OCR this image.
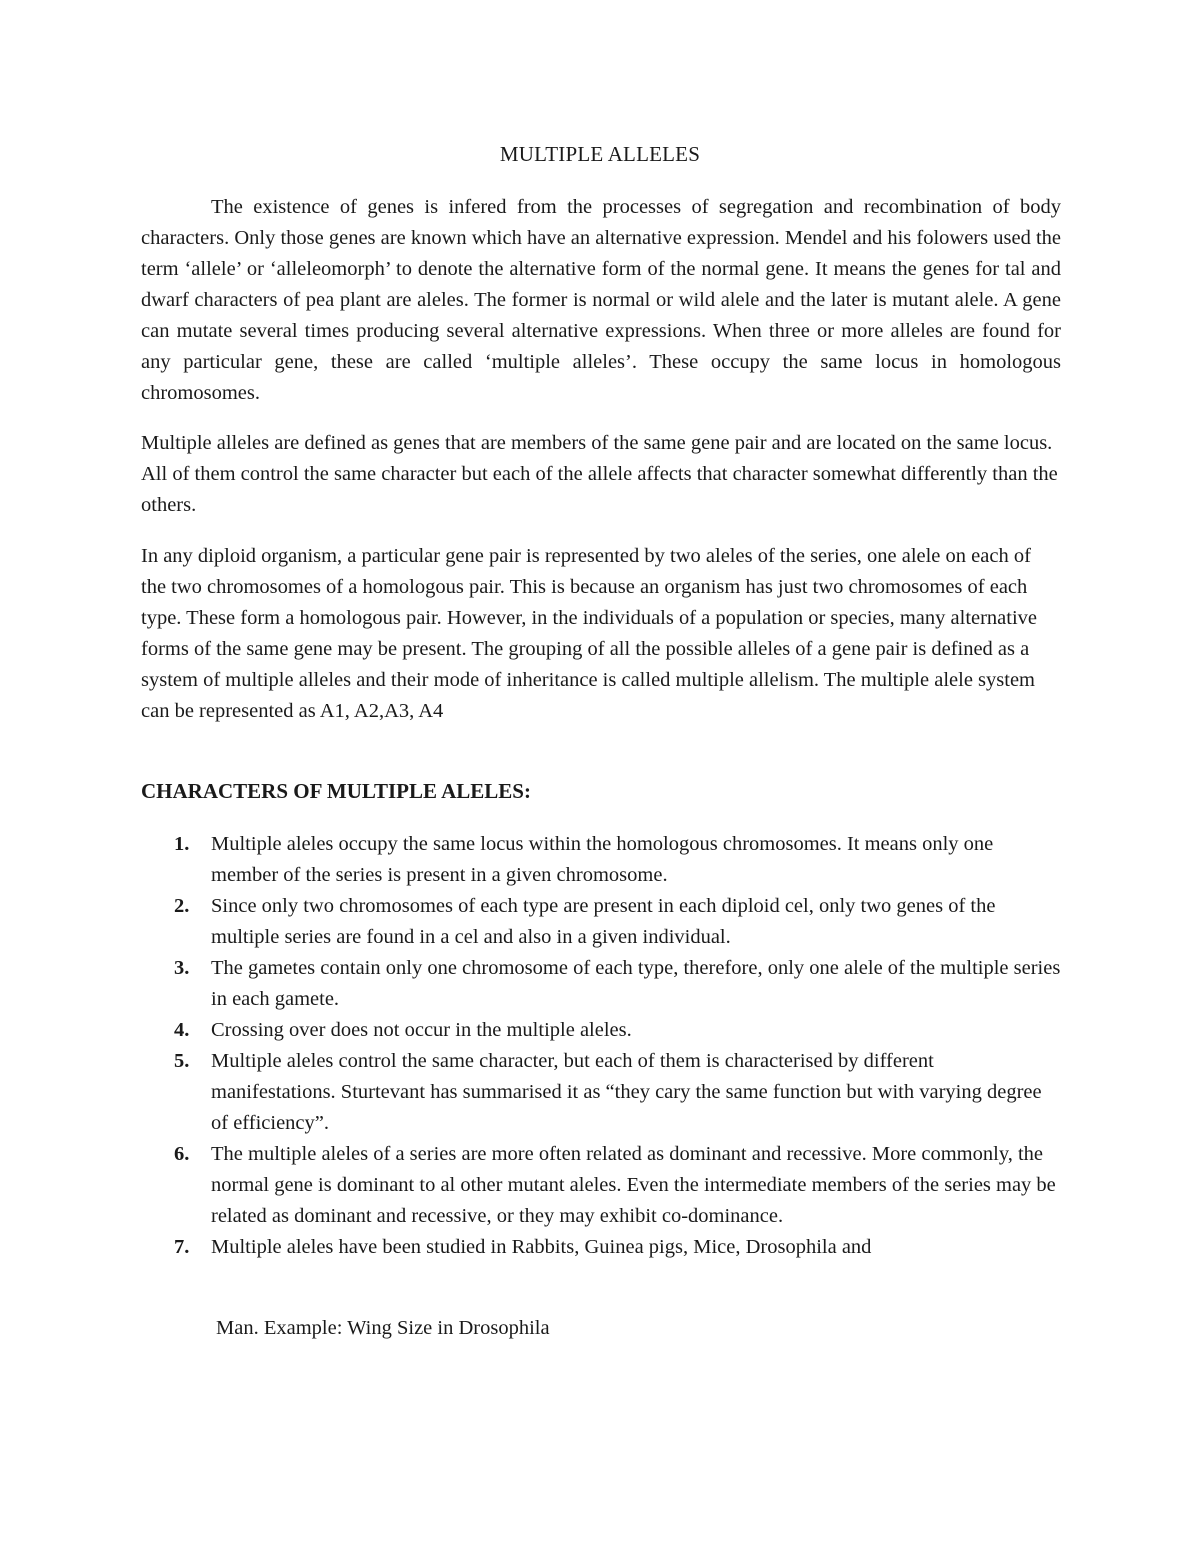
MULTIPLE ALLELES

The existence of genes is infered from the processes of segregation and recombination of body characters. Only those genes are known which have an alternative expression. Mendel and his folowers used the term ‘allele’ or ‘alleleomorph’ to denote the alternative form of the normal gene. It means the genes for tal and dwarf characters of pea plant are aleles. The former is normal or wild alele and the later is mutant alele. A gene can mutate several times producing several alternative expressions. When three or more alleles are found for any particular gene, these are called ‘multiple alleles’. These occupy the same locus in homologous chromosomes.

Multiple alleles are defined as genes that are members of the same gene pair and are located on the same locus. All of them control the same character but each of the allele affects that character somewhat differently than the others.

In any diploid organism, a particular gene pair is represented by two aleles of the series, one alele on each of the two chromosomes of a homologous pair. This is because an organism has just two chromosomes of each type. These form a homologous pair. However, in the individuals of a population or species, many alternative forms of the same gene may be present. The grouping of all the possible alleles of a gene pair is defined as a system of multiple alleles and their mode of inheritance is called multiple allelism. The multiple alele system can be represented as A1, A2,A3, A4

CHARACTERS OF MULTIPLE ALELES:
1. Multiple aleles occupy the same locus within the homologous chromosomes. It means only one member of the series is present in a given chromosome.
2. Since only two chromosomes of each type are present in each diploid cel, only two genes of the multiple series are found in a cel and also in a given individual.
3. The gametes contain only one chromosome of each type, therefore, only one alele of the multiple series in each gamete.
4. Crossing over does not occur in the multiple aleles.
5. Multiple aleles control the same character, but each of them is characterised by different manifestations. Sturtevant has summarised it as “they cary the same function but with varying degree of efficiency”.
6. The multiple aleles of a series are more often related as dominant and recessive. More commonly, the normal gene is dominant to al other mutant aleles. Even the intermediate members of the series may be related as dominant and recessive, or they may exhibit co-dominance.
7. Multiple aleles have been studied in Rabbits, Guinea pigs, Mice, Drosophila and

Man. Example: Wing Size in Drosophila
